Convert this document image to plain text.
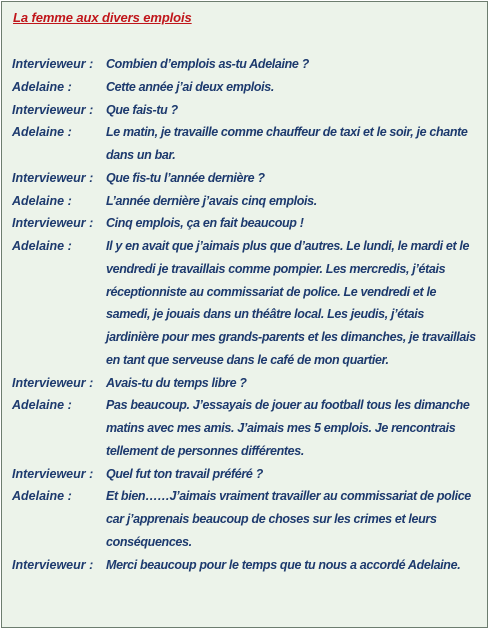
La femme aux divers emplois
Intervieweur :	Combien d’emplois as-tu Adelaine ?
Adelaine :	Cette année j’ai deux emplois.
Intervieweur :	Que fais-tu ?
Adelaine :	Le matin, je travaille comme chauffeur de taxi et le soir, je chante dans un bar.
Intervieweur :	Que fis-tu l’année dernière ?
Adelaine :	L’année dernière j’avais cinq emplois.
Intervieweur :	Cinq emplois, ça en fait beaucoup !
Adelaine :	Il y en avait que j’aimais plus que d’autres. Le lundi, le mardi et le vendredi je travaillais comme pompier. Les mercredis, j’étais réceptionniste au commissariat de police. Le vendredi et le samedi, je jouais dans un théâtre local. Les jeudis, j’étais jardinière pour mes grands-parents et les dimanches, je travaillais en tant que serveuse dans le café de mon quartier.
Intervieweur :	Avais-tu du temps libre ?
Adelaine :	Pas beaucoup. J’essayais de jouer au football tous les dimanche matins avec mes amis. J’aimais mes 5 emplois. Je rencontrais tellement de personnes différentes.
Intervieweur :	Quel fut ton travail préféré ?
Adelaine :	Et bien……J’aimais vraiment travailler au commissariat de police car j’apprenais beaucoup de choses sur les crimes et leurs conséquences.
Intervieweur :	Merci beaucoup pour le temps que tu nous a accordé Adelaine.
